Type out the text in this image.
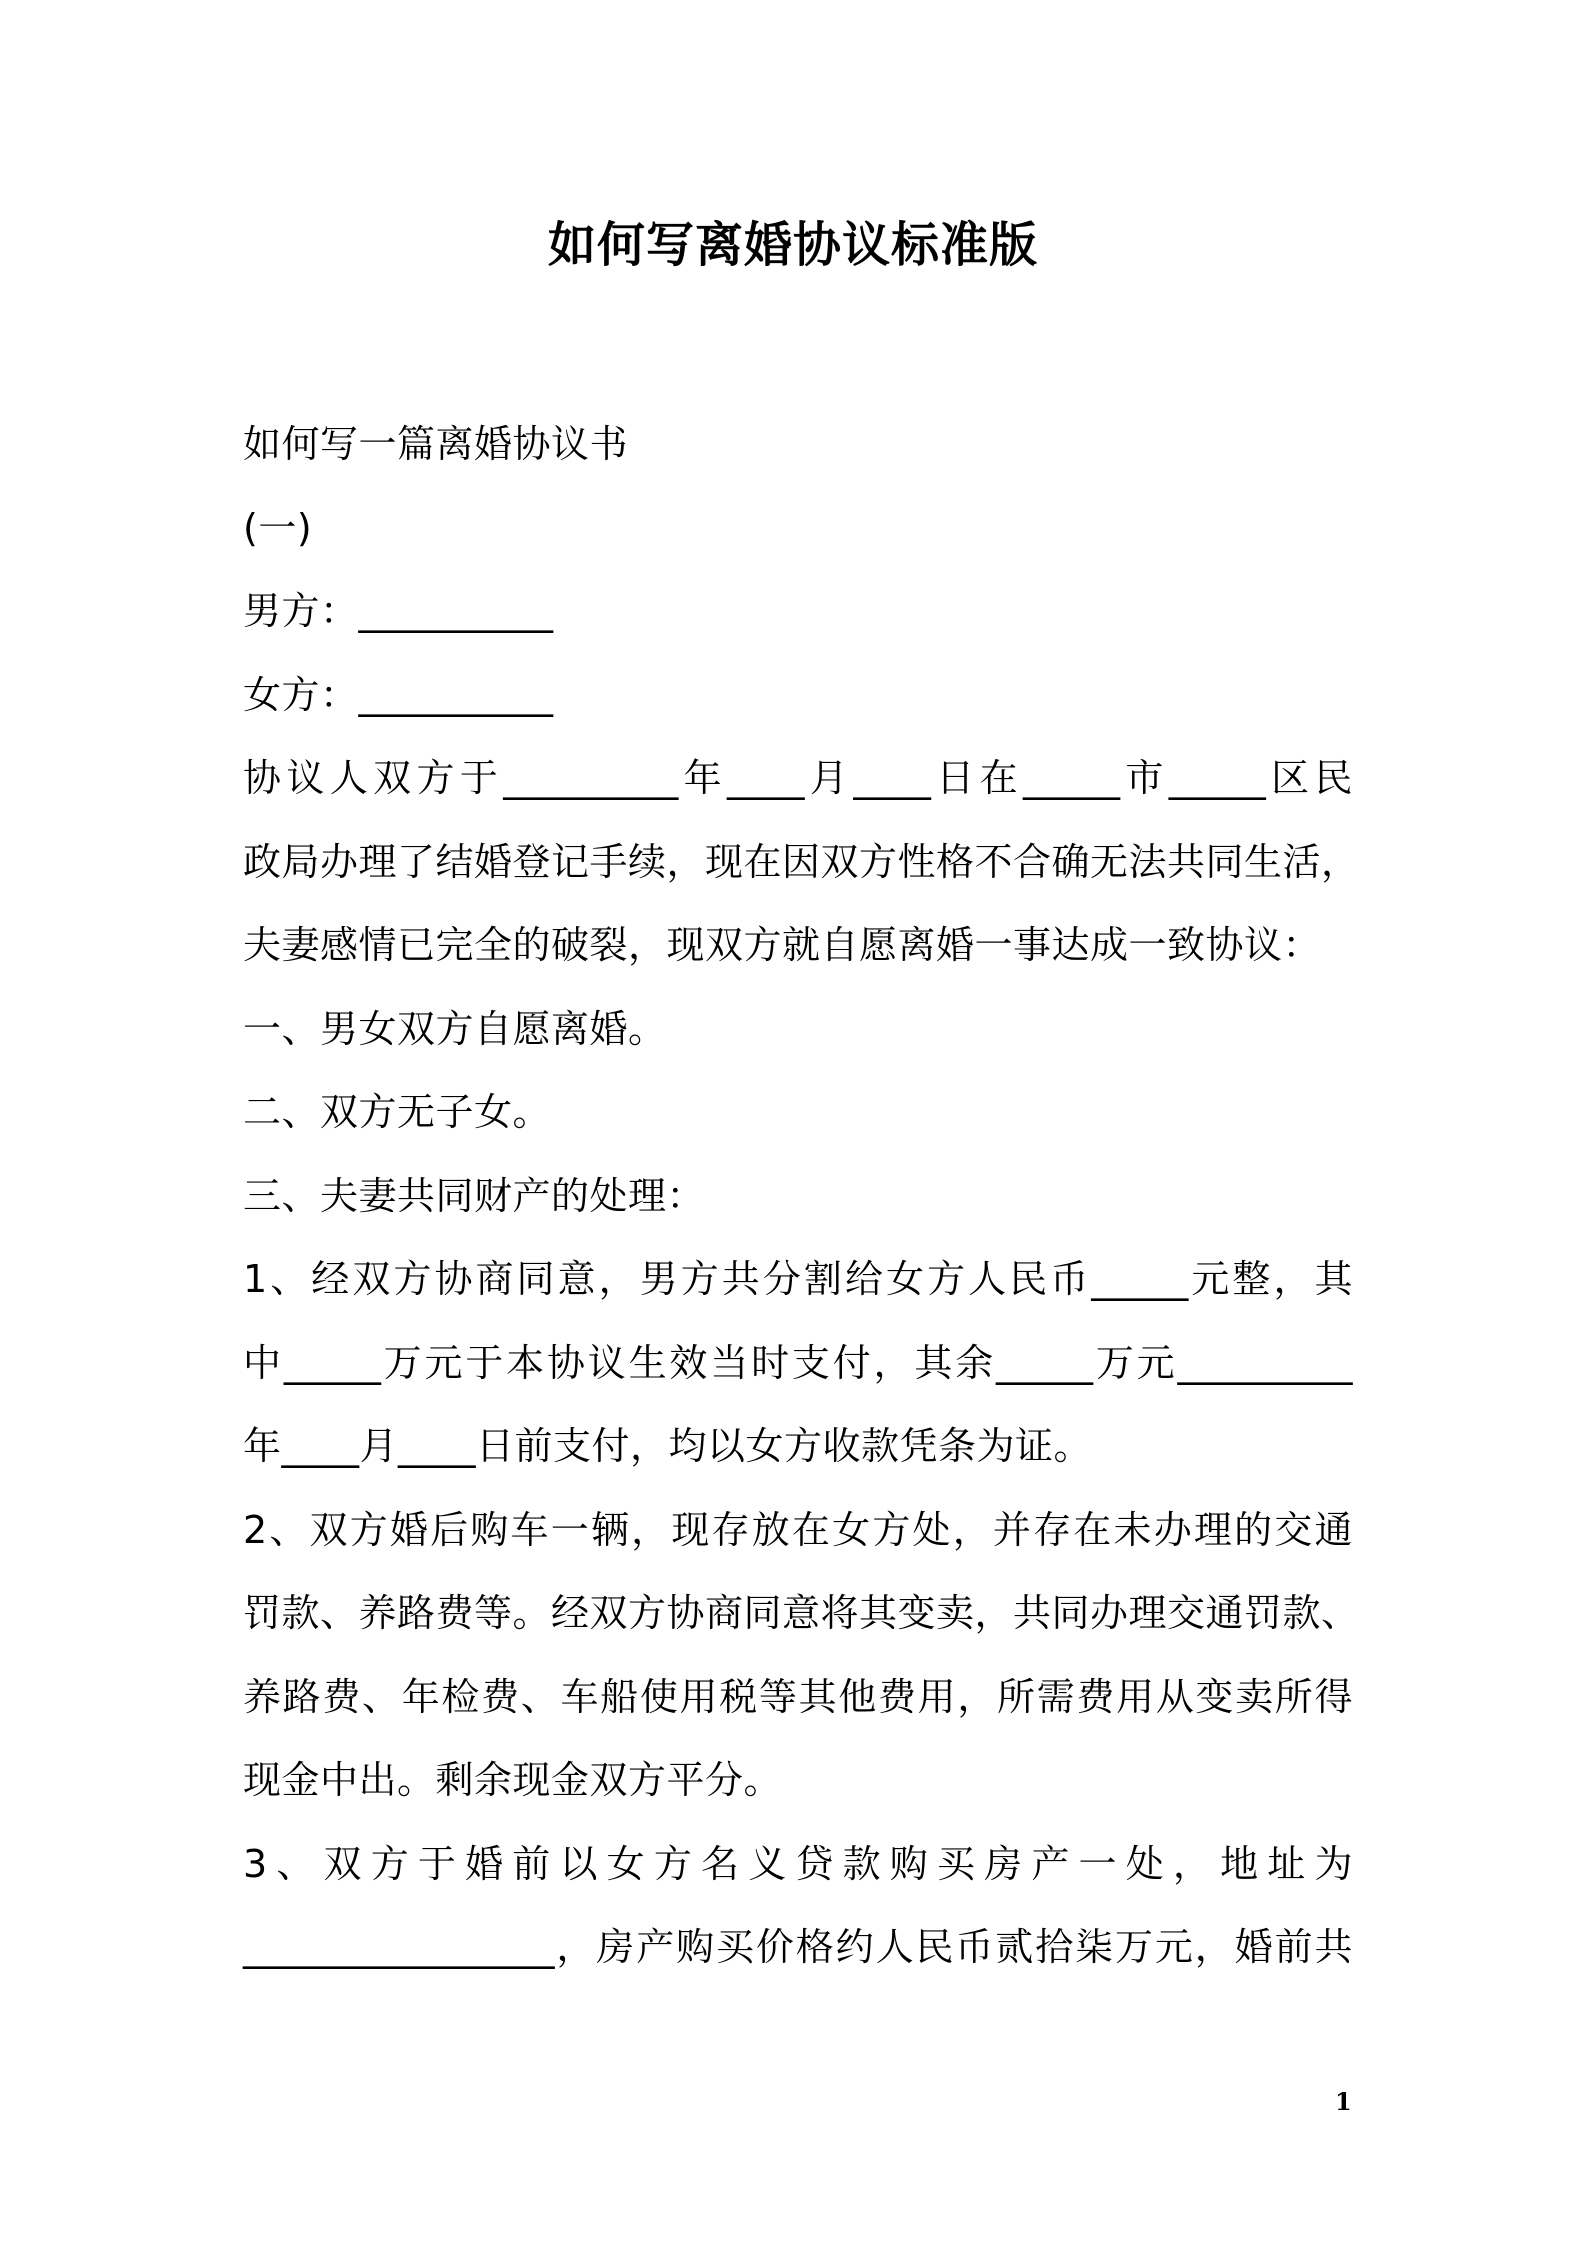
如何写离婚协议标准版
如何写一篇离婚协议书
(一)
男方：__________
女方：__________
协议人双方于_________年____月____日在_____市_____区民
政局办理了结婚登记手续，现在因双方性格不合确无法共同生活，
夫妻感情已完全的破裂，现双方就自愿离婚一事达成一致协议：
一、男女双方自愿离婚。
二、双方无子女。
三、夫妻共同财产的处理：
1、经双方协商同意，男方共分割给女方人民币_____元整，其
中_____万元于本协议生效当时支付，其余_____万元_________
年____月____日前支付，均以女方收款凭条为证。
2、双方婚后购车一辆，现存放在女方处，并存在未办理的交通
罚款、养路费等。经双方协商同意将其变卖，共同办理交通罚款、
养路费、年检费、车船使用税等其他费用，所需费用从变卖所得
现金中出。剩余现金双方平分。
3、双方于婚前以女方名义贷款购买房产一处，地址为
________________，房产购买价格约人民币贰拾柒万元，婚前共
1
